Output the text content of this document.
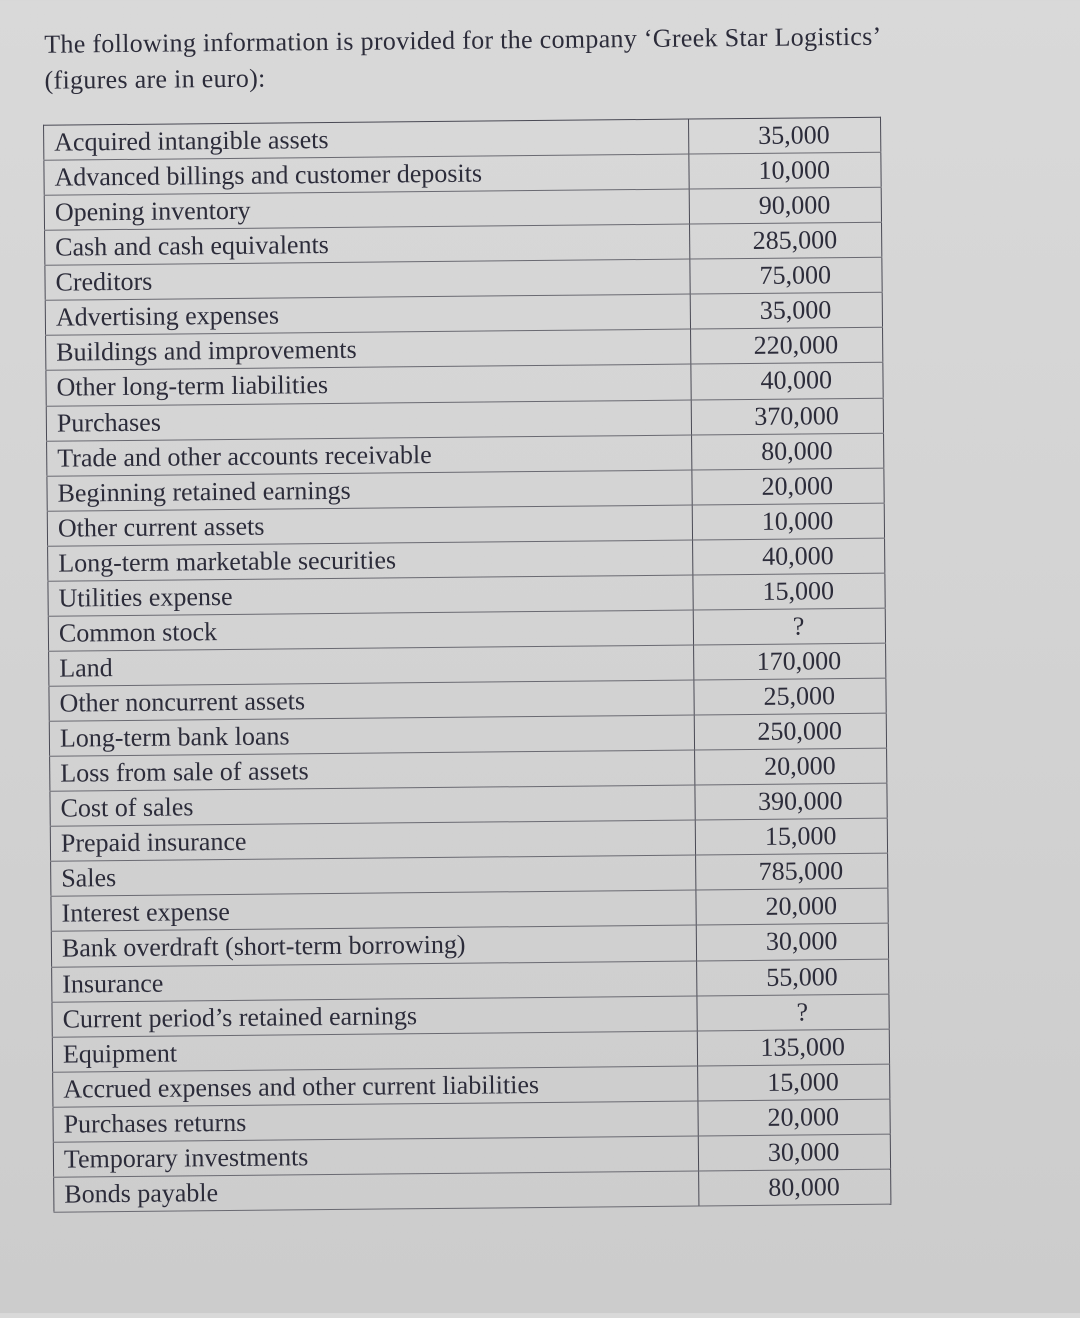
The following information is provided for the company ‘Greek Star Logistics’
(figures are in euro):
Acquired intangible assets	35,000
Advanced billings and customer deposits	10,000
Opening inventory	90,000
Cash and cash equivalents	285,000
Creditors	75,000
Advertising expenses	35,000
Buildings and improvements	220,000
Other long-term liabilities	40,000
Purchases	370,000
Trade and other accounts receivable	80,000
Beginning retained earnings	20,000
Other current assets	10,000
Long-term marketable securities	40,000
Utilities expense	15,000
Common stock	?
Land	170,000
Other noncurrent assets	25,000
Long-term bank loans	250,000
Loss from sale of assets	20,000
Cost of sales	390,000
Prepaid insurance	15,000
Sales	785,000
Interest expense	20,000
Bank overdraft (short-term borrowing)	30,000
Insurance	55,000
Current period’s retained earnings	?
Equipment	135,000
Accrued expenses and other current liabilities	15,000
Purchases returns	20,000
Temporary investments	30,000
Bonds payable	80,000
